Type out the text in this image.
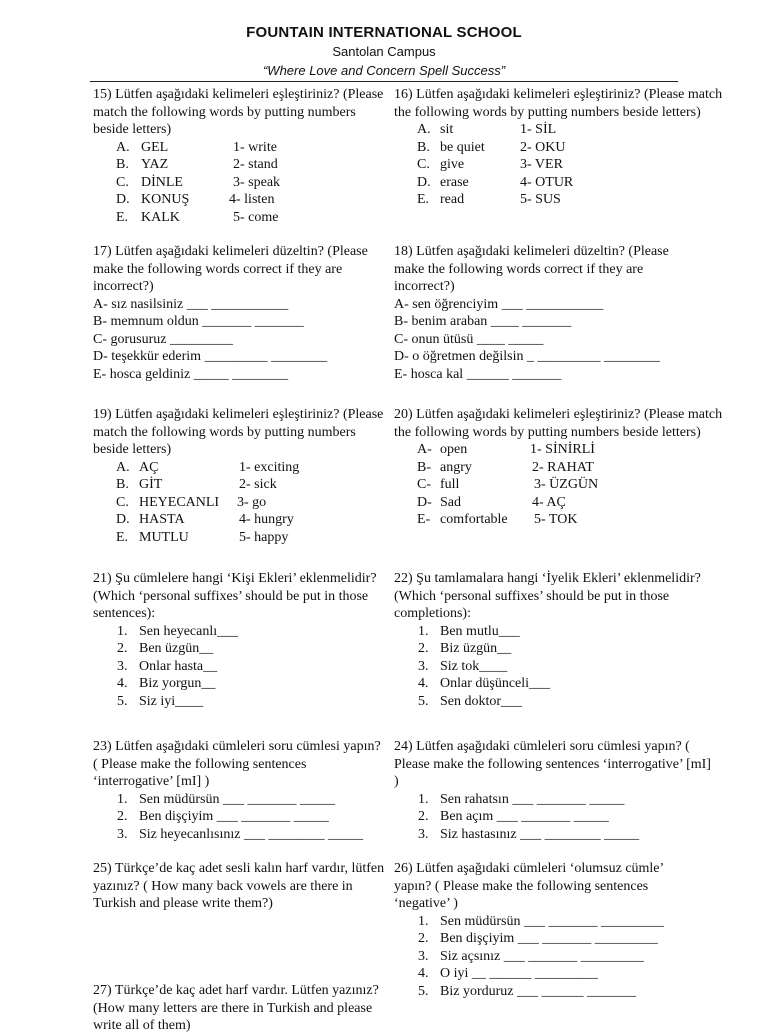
FOUNTAIN INTERNATIONAL SCHOOL
Santolan Campus
“Where Love and Concern Spell Success”

15) Lütfen aşağıdaki kelimeleri eşleştiriniz? (Please match the following words by putting numbers beside letters)

A. GEL	1- write
B. YAZ	2- stand
C. DİNLE	3- speak
D. KONUŞ	4- listen
E. KALK	5- come

16) Lütfen aşağıdaki kelimeleri eşleştiriniz? (Please match the following words by putting numbers beside letters)

A. sit	1- SİL
B. be quiet	2- OKU
C. give	3- VER
D. erase	4- OTUR
E. read	5- SUS

17) Lütfen aşağıdaki kelimeleri düzeltin? (Please make the following words correct if they are incorrect?)

A- sız nasilsiniz ___ ___________
B- memnum oldun _______ _______
C- gorusuruz _________
D- teşekkür ederim _________ ________
E- hosca geldiniz _____ ________

18) Lütfen aşağıdaki kelimeleri düzeltin? (Please make the following words correct if they are incorrect?)

A- sen öğrenciyim ___ ___________
B- benim araban ____ _______
C- onun ütüsü ____ _____
D- o öğretmen değilsin _ _________ ________
E- hosca kal ______ _______

19) Lütfen aşağıdaki kelimeleri eşleştiriniz? (Please match the following words by putting numbers beside letters)

A. AÇ	1- exciting
B. GİT	2- sick
C. HEYECANLI 3- go
D. HASTA	4- hungry
E. MUTLU	5- happy

20) Lütfen aşağıdaki kelimeleri eşleştiriniz? (Please match the following words by putting numbers beside letters)

A- open	1- SİNİRLİ
B- angry	2- RAHAT
C- full	3- ÜZGÜN
D- Sad	4- AÇ
E- comfortable 5- TOK

21) Şu cümlelere hangi ‘Kişi Ekleri’ eklenmelidir? (Which ‘personal suffixes’ should be put in those sentences):

1. Sen heyecanlı___
2. Ben üzgün__
3. Onlar hasta__
4. Biz yorgun__
5. Siz iyi____

22) Şu tamlamalara hangi ‘İyelik Ekleri’ eklenmelidir? (Which ‘personal suffixes’ should be put in those completions):

1. Ben mutlu___
2. Biz üzgün__
3. Siz tok____
4. Onlar düşünceli___
5. Sen doktor___

23) Lütfen aşağıdaki cümleleri soru cümlesi yapın? ( Please make the following sentences ‘interrogative’ [mI] )

1. Sen müdürsün ___ _______ _____
2. Ben dişçiyim ___ _______ _____
3. Siz heyecanlısınız ___ ________ _____

24) Lütfen aşağıdaki cümleleri soru cümlesi yapın? ( Please make the following sentences ‘interrogative’ [mI] )

1. Sen rahatsın ___ _______ _____
2. Ben açım ___ _______ _____
3. Siz hastasınız ___ ________ _____

25) Türkçe’de kaç adet sesli kalın harf vardır, lütfen yazınız? ( How many back vowels are there in Turkish and please write them?)

26) Lütfen aşağıdaki cümleleri ‘olumsuz cümle’ yapın? ( Please make the following sentences ‘negative’ )

1. Sen müdürsün ___ _______ _________
2. Ben dişçiyim ___ _______ _________
3. Siz açsınız ___ _______ _________
4. O iyi __ ______ _________
5. Biz yorduruz ___ ______ _______

27) Türkçe’de kaç adet harf vardır. Lütfen yazınız? (How many letters are there in Turkish and please write all of them)
